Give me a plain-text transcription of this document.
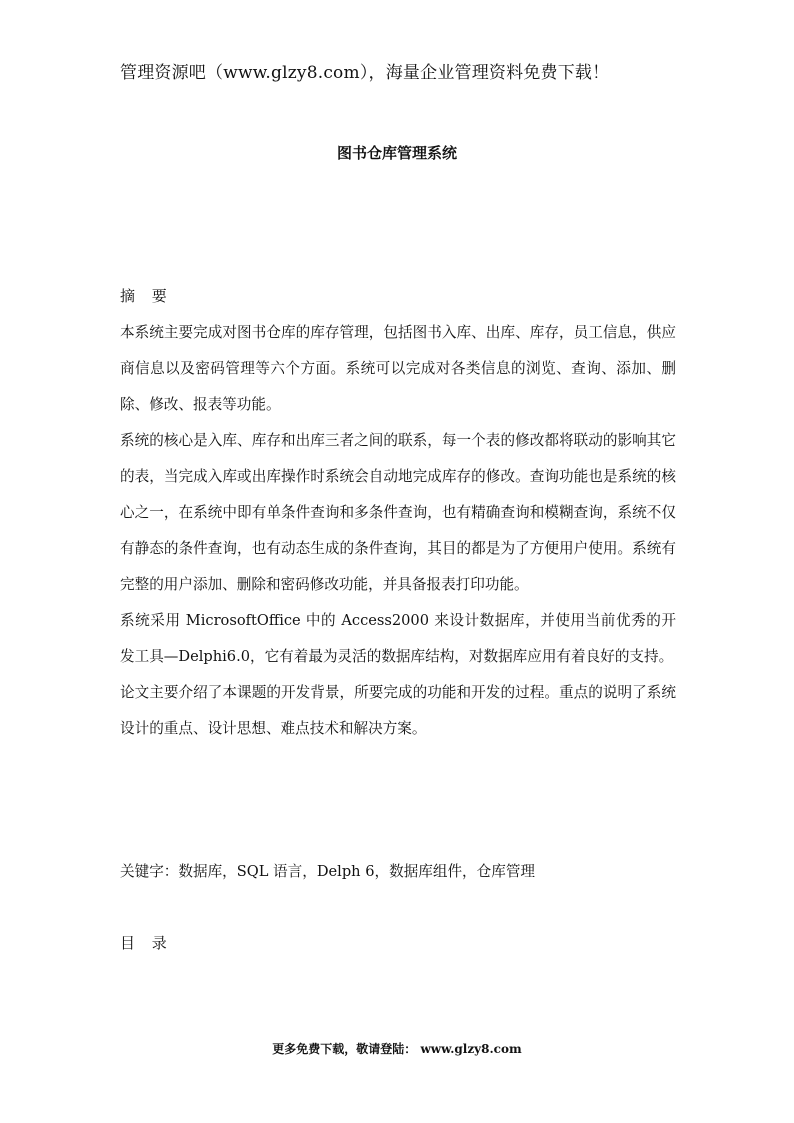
管理资源吧（www.glzy8.com），海量企业管理资料免费下载！
图书仓库管理系统
摘 要

本系统主要完成对图书仓库的库存管理，包括图书入库、出库、库存，员工信息，供应商信息以及密码管理等六个方面。系统可以完成对各类信息的浏览、查询、添加、删除、修改、报表等功能。

系统的核心是入库、库存和出库三者之间的联系，每一个表的修改都将联动的影响其它的表，当完成入库或出库操作时系统会自动地完成库存的修改。查询功能也是系统的核心之一，在系统中即有单条件查询和多条件查询，也有精确查询和模糊查询，系统不仅有静态的条件查询，也有动态生成的条件查询，其目的都是为了方便用户使用。系统有完整的用户添加、删除和密码修改功能，并具备报表打印功能。

系统采用 MicrosoftOffice 中的 Access2000 来设计数据库，并使用当前优秀的开发工具—Delphi6.0，它有着最为灵活的数据库结构，对数据库应用有着良好的支持。

论文主要介绍了本课题的开发背景，所要完成的功能和开发的过程。重点的说明了系统设计的重点、设计思想、难点技术和解决方案。

关键字：数据库，SQL 语言，Delph 6，数据库组件，仓库管理
目 录
更多免费下载，敬请登陆： www.glzy8.com
